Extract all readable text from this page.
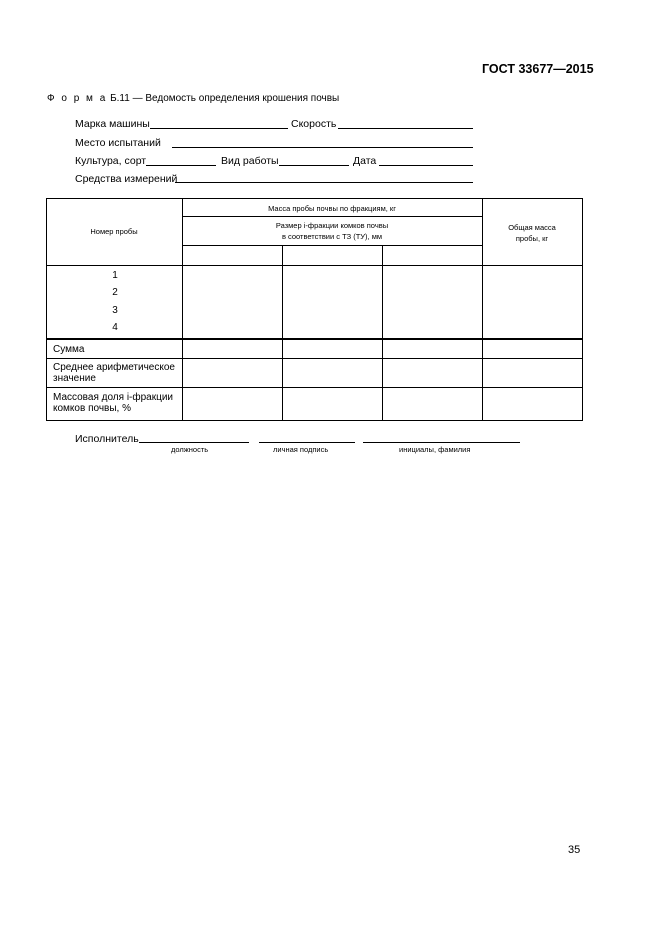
ГОСТ 33677—2015
Ф о р м а Б.11 — Ведомость определения крошения почвы
Марка машины	Скорость
Место испытаний
Культура, сорт	Вид работы	Дата
Средства измерений
Номер пробы
Масса пробы почвы по фракциям, кг
Размер i-фракции комков почвы
в соответствии с ТЗ (ТУ), мм
Общая масса
пробы, кг
1
2
3
4
Сумма
Среднее арифметическое
значение
Массовая доля i-фракции
комков почвы, %
Исполнитель
должность	личная подпись	инициалы, фамилия
35
